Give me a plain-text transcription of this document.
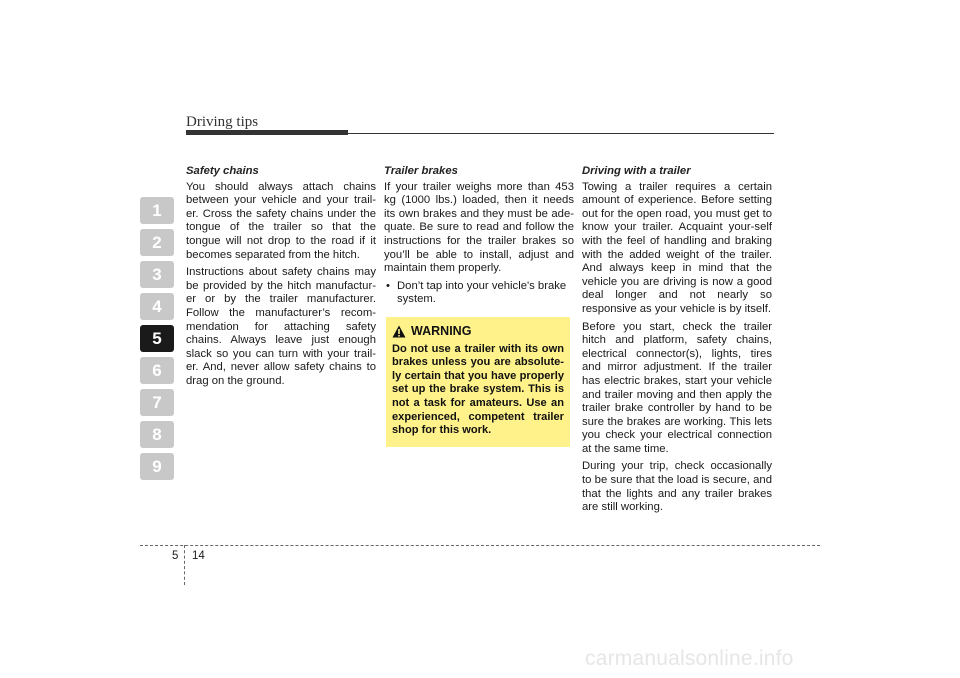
Driving tips
1
2
3
4
5
6
7
8
9
Safety chains

You should always attach chains between your vehicle and your trail-er. Cross the safety chains under the tongue of the trailer so that the tongue will not drop to the road if it becomes separated from the hitch.

Instructions about safety chains may be provided by the hitch manufactur-er or by the trailer manufacturer. Follow the manufacturer’s recom-mendation for attaching safety chains. Always leave just enough slack so you can turn with your trail-er. And, never allow safety chains to drag on the ground.

Trailer brakes

If your trailer weighs more than 453 kg (1000 lbs.) loaded, then it needs its own brakes and they must be ade-quate. Be sure to read and follow the instructions for the trailer brakes so you’ll be able to install, adjust and maintain them properly.

• Don’t tap into your vehicle's brake system.
WARNING
Do not use a trailer with its own brakes unless you are absolute-ly certain that you have properly set up the brake system. This is not a task for amateurs. Use an experienced, competent trailer shop for this work.
Driving with a trailer

Towing a trailer requires a certain amount of experience. Before setting out for the open road, you must get to know your trailer. Acquaint your-self with the feel of handling and braking with the added weight of the trailer. And always keep in mind that the vehicle you are driving is now a good deal longer and not nearly so responsive as your vehicle is by itself.

Before you start, check the trailer hitch and platform, safety chains, electrical connector(s), lights, tires and mirror adjustment. If the trailer has electric brakes, start your vehicle and trailer moving and then apply the trailer brake controller by hand to be sure the brakes are working. This lets you check your electrical connection at the same time.

During your trip, check occasionally to be sure that the load is secure, and that the lights and any trailer brakes are still working.

5 14
carmanualsonline.info
